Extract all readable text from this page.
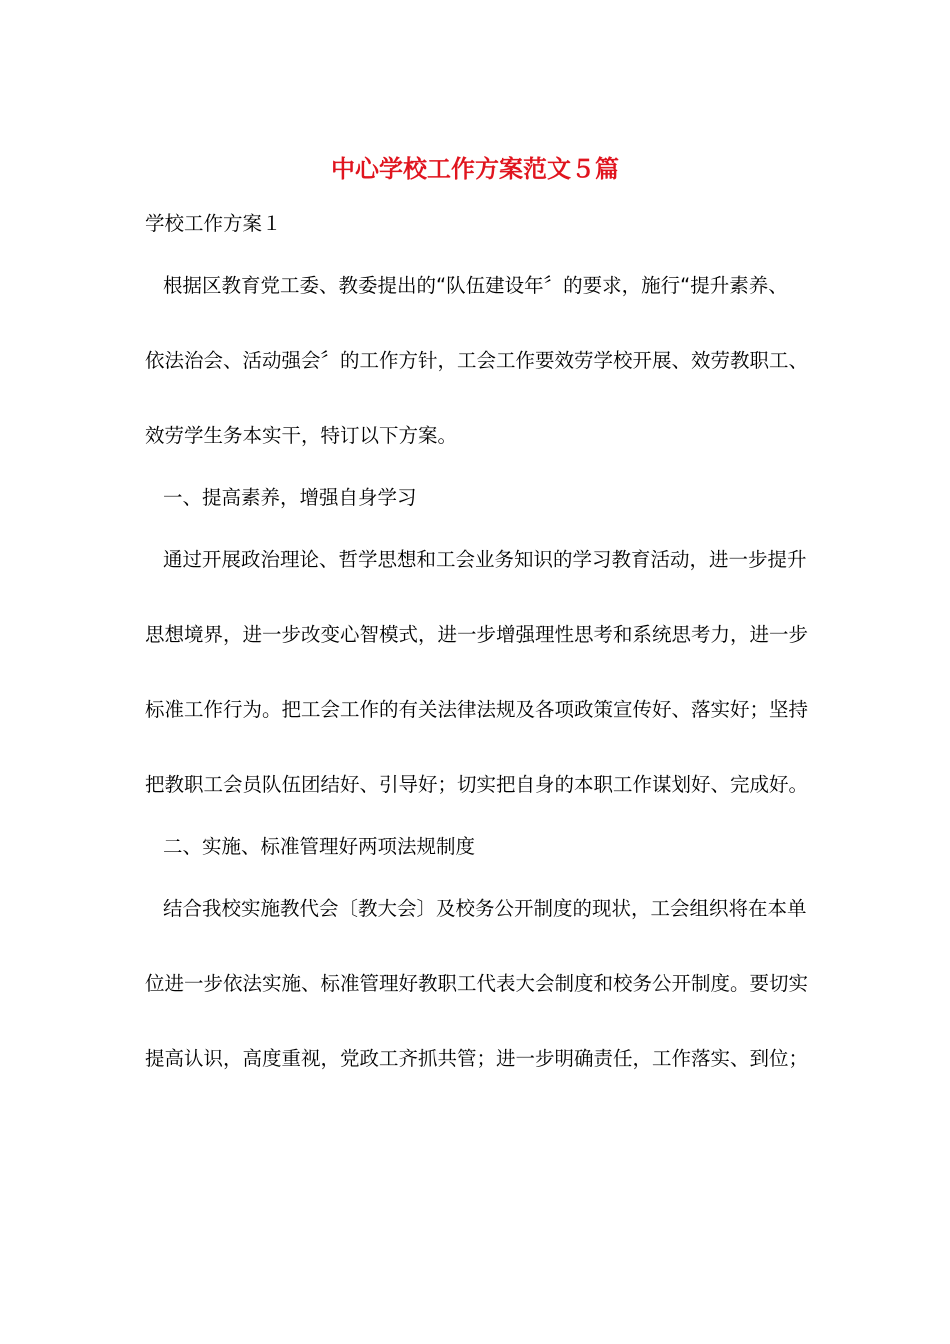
中心学校工作方案范文５篇
学校工作方案１
根据区教育党工委、教委提出的“队伍建设年〞的要求，施行“提升素养、
依法治会、活动强会〞的工作方针，工会工作要效劳学校开展、效劳教职工、
效劳学生务本实干，特订以下方案。
一、提高素养，增强自身学习
通过开展政治理论、哲学思想和工会业务知识的学习教育活动，进一步提升
思想境界，进一步改变心智模式，进一步增强理性思考和系统思考力，进一步
标准工作行为。把工会工作的有关法律法规及各项政策宣传好、落实好；坚持
把教职工会员队伍团结好、引导好；切实把自身的本职工作谋划好、完成好。
二、实施、标准管理好两项法规制度
结合我校实施教代会〔教大会〕及校务公开制度的现状，工会组织将在本单
位进一步依法实施、标准管理好教职工代表大会制度和校务公开制度。要切实
提高认识，高度重视，党政工齐抓共管；进一步明确责任，工作落实、到位；
